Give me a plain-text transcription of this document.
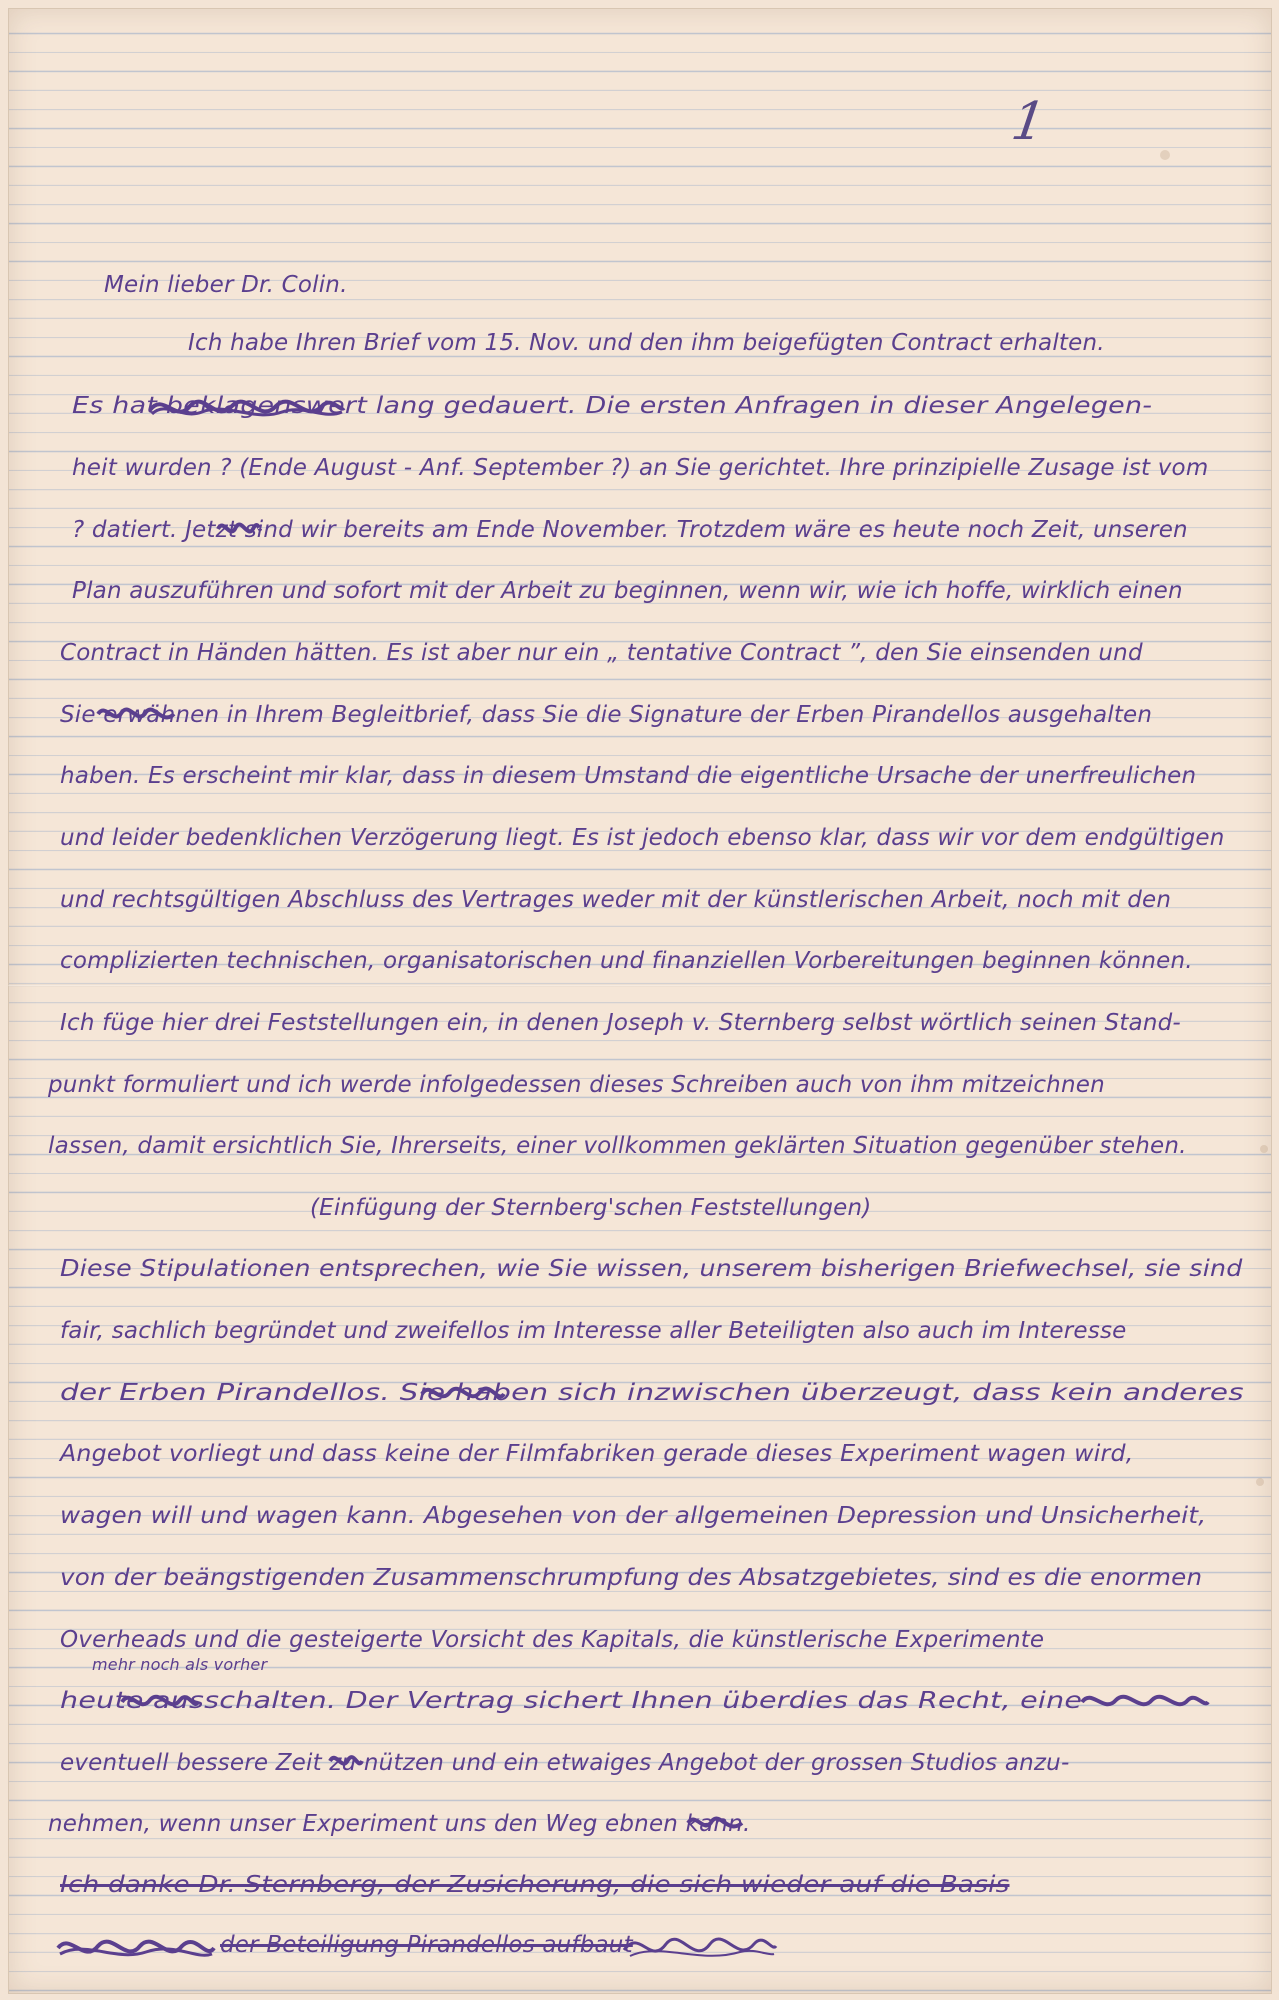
1
Mein lieber Dr. Colin.
Ich habe Ihren Brief vom 15. Nov. und den ihm beigefügten Contract erhalten.
Es hat beklagenswert lang gedauert. Die ersten Anfragen in dieser Angelegen-
heit wurden ? (Ende August - Anf. September ?) an Sie gerichtet. Ihre prinzipielle Zusage ist vom
? datiert. Jetzt sind wir bereits am Ende November. Trotzdem wäre es heute noch Zeit, unseren
Plan auszuführen und sofort mit der Arbeit zu beginnen, wenn wir, wie ich hoffe, wirklich einen
Contract in Händen hätten. Es ist aber nur ein „ tentative Contract ”, den Sie einsenden und
Sie erwähnen in Ihrem Begleitbrief, dass Sie die Signature der Erben Pirandellos ausgehalten
haben. Es erscheint mir klar, dass in diesem Umstand die eigentliche Ursache der unerfreulichen
und leider bedenklichen Verzögerung liegt. Es ist jedoch ebenso klar, dass wir vor dem endgültigen
und rechtsgültigen Abschluss des Vertrages weder mit der künstlerischen Arbeit, noch mit den
complizierten technischen, organisatorischen und finanziellen Vorbereitungen beginnen können.
Ich füge hier drei Feststellungen ein, in denen Joseph v. Sternberg selbst wörtlich seinen Stand-
punkt formuliert und ich werde infolgedessen dieses Schreiben auch von ihm mitzeichnen
lassen, damit ersichtlich Sie, Ihrerseits, einer vollkommen geklärten Situation gegenüber stehen.
(Einfügung der Sternberg'schen Feststellungen)
Diese Stipulationen entsprechen, wie Sie wissen, unserem bisherigen Briefwechsel, sie sind
fair, sachlich begründet und zweifellos im Interesse aller Beteiligten also auch im Interesse
der Erben Pirandellos. Sie haben sich inzwischen überzeugt, dass kein anderes
Angebot vorliegt und dass keine der Filmfabriken gerade dieses Experiment wagen wird,
wagen will und wagen kann. Abgesehen von der allgemeinen Depression und Unsicherheit,
von der beängstigenden Zusammenschrumpfung des Absatzgebietes, sind es die enormen
Overheads und die gesteigerte Vorsicht des Kapitals, die künstlerische Experimente
mehr noch als vorher
heute ausschalten. Der Vertrag sichert Ihnen überdies das Recht, eine
eventuell bessere Zeit zu nützen und ein etwaiges Angebot der grossen Studios anzu-
nehmen, wenn unser Experiment uns den Weg ebnen kann.
Ich danke Dr. Sternberg, der Zusicherung, die sich wieder auf die Basis
der Beteiligung Pirandellos aufbaut
